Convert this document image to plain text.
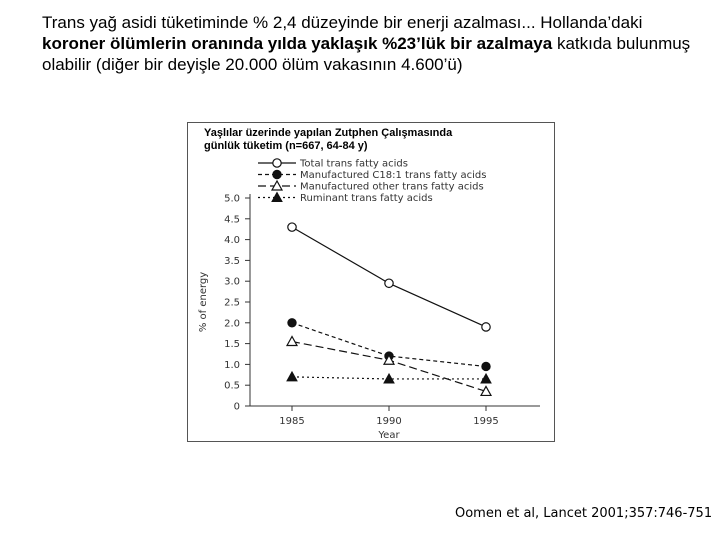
Trans yağ asidi tüketiminde % 2,4 düzeyinde bir enerji azalması... Hollanda’daki koroner ölümlerin oranında yılda yaklaşık %23’lük bir azalmaya katkıda bulunmuş olabilir (diğer bir deyişle 20.000 ölüm vakasının 4.600’ü)
Yaşlılar üzerinde yapılan Zutphen Çalışmasında
günlük tüketim (n=667, 64-84 y)
0
0.5
1.0
1.5
2.0
2.5
3.0
3.5
4.0
4.5
5.0
1985	1990	1995
Year
% of energy
Total trans fatty acids
Manufactured C18:1 trans fatty acids
Manufactured other trans fatty acids
Ruminant trans fatty acids
Oomen et al, Lancet 2001;357:746-751
